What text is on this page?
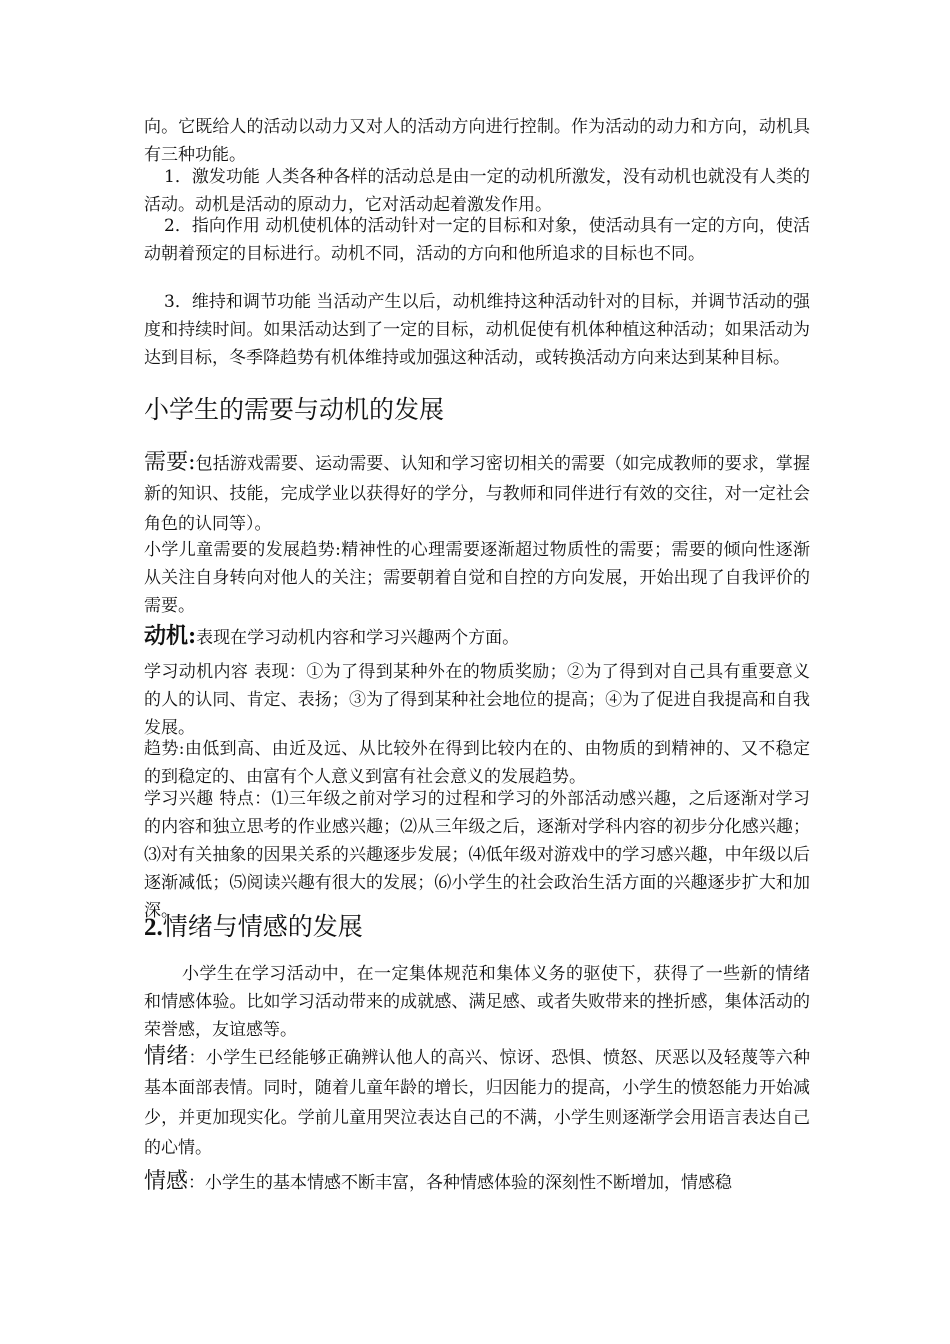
向。它既给人的活动以动力又对人的活动方向进行控制。作为活动的动力和方向，动机具有三种功能。

1．激发功能 人类各种各样的活动总是由一定的动机所激发，没有动机也就没有人类的活动。动机是活动的原动力，它对活动起着激发作用。

2．指向作用 动机使机体的活动针对一定的目标和对象，使活动具有一定的方向，使活动朝着预定的目标进行。动机不同，活动的方向和他所追求的目标也不同。

3．维持和调节功能 当活动产生以后，动机维持这种活动针对的目标，并调节活动的强度和持续时间。如果活动达到了一定的目标，动机促使有机体种植这种活动；如果活动为达到目标，冬季降趋势有机体维持或加强这种活动，或转换活动方向来达到某种目标。

小学生的需要与动机的发展

需要:包括游戏需要、运动需要、认知和学习密切相关的需要（如完成教师的要求，掌握新的知识、技能，完成学业以获得好的学分，与教师和同伴进行有效的交往，对一定社会角色的认同等）。

小学儿童需要的发展趋势:精神性的心理需要逐渐超过物质性的需要；需要的倾向性逐渐从关注自身转向对他人的关注；需要朝着自觉和自控的方向发展，开始出现了自我评价的需要。

动机:表现在学习动机内容和学习兴趣两个方面。

学习动机内容 表现：①为了得到某种外在的物质奖励；②为了得到对自己具有重要意义的人的认同、肯定、表扬；③为了得到某种社会地位的提高；④为了促进自我提高和自我发展。

趋势:由低到高、由近及远、从比较外在得到比较内在的、由物质的到精神的、又不稳定的到稳定的、由富有个人意义到富有社会意义的发展趋势。

学习兴趣 特点：⑴三年级之前对学习的过程和学习的外部活动感兴趣，之后逐渐对学习的内容和独立思考的作业感兴趣；⑵从三年级之后，逐渐对学科内容的初步分化感兴趣；⑶对有关抽象的因果关系的兴趣逐步发展；⑷低年级对游戏中的学习感兴趣，中年级以后逐渐减低；⑸阅读兴趣有很大的发展；⑹小学生的社会政治生活方面的兴趣逐步扩大和加深。

2.情绪与情感的发展

小学生在学习活动中，在一定集体规范和集体义务的驱使下，获得了一些新的情绪和情感体验。比如学习活动带来的成就感、满足感、或者失败带来的挫折感，集体活动的荣誉感，友谊感等。

情绪：小学生已经能够正确辨认他人的高兴、惊讶、恐惧、愤怒、厌恶以及轻蔑等六种基本面部表情。同时，随着儿童年龄的增长，归因能力的提高，小学生的愤怒能力开始减少，并更加现实化。学前儿童用哭泣表达自己的不满，小学生则逐渐学会用语言表达自己的心情。

情感：小学生的基本情感不断丰富，各种情感体验的深刻性不断增加，情感稳
